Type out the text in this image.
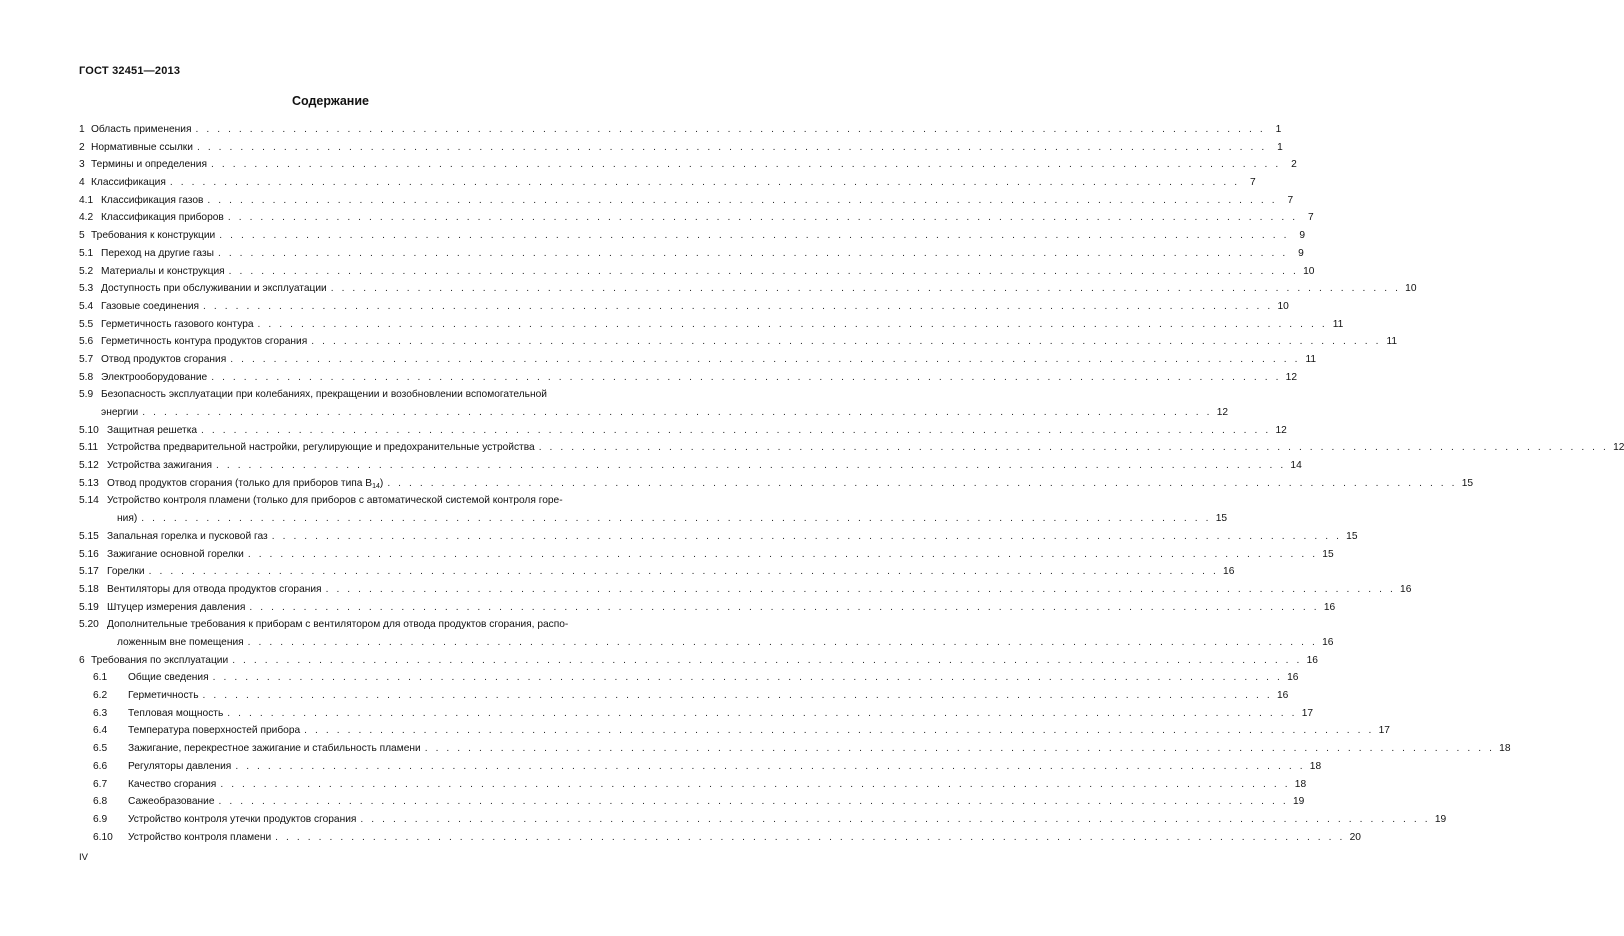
ГОСТ 32451—2013
Содержание
1 Область применения . . . . . . . . . . . . . . . . . . . . . . . . . . . . . . . . . . . . . . . . . . . . . . . . . . . . . . . . . . . . . . . . . . . . . . . . . . . . . . . . . . . . . . . . . . . . . . . . . . .	1
2 Нормативные ссылки . . . . . . . . . . . . . . . . . . . . . . . . . . . . . . . . . . . . . . . . . . . . . . . . . . . . . . . . . . . . . . . . . . . . . . . . . . . . . . . . . . . . . . . . . . . . . . . . . . .	1
3 Термины и определения . . . . . . . . . . . . . . . . . . . . . . . . . . . . . . . . . . . . . . . . . . . . . . . . . . . . . . . . . . . . . . . . . . . . . . . . . . . . . . . . . . . . . . . . . . . . . . . . . . .	2
4 Классификация . . . . . . . . . . . . . . . . . . . . . . . . . . . . . . . . . . . . . . . . . . . . . . . . . . . . . . . . . . . . . . . . . . . . . . . . . . . . . . . . . . . . . . . . . . . . . . . . . . .	7
4.1 Классификация газов . . . . . . . . . . . . . . . . . . . . . . . . . . . . . . . . . . . . . . . . . . . . . . . . . . . . . . . . . . . . . . . . . . . . . . . . . . . . . . . . . . . . . . . . . . . . . . . . . . .	7
4.2 Классификация приборов . . . . . . . . . . . . . . . . . . . . . . . . . . . . . . . . . . . . . . . . . . . . . . . . . . . . . . . . . . . . . . . . . . . . . . . . . . . . . . . . . . . . . . . . . . . . . . . . . . .	7
5 Требования к конструкции . . . . . . . . . . . . . . . . . . . . . . . . . . . . . . . . . . . . . . . . . . . . . . . . . . . . . . . . . . . . . . . . . . . . . . . . . . . . . . . . . . . . . . . . . . . . . . . . . . .	9
5.1 Переход на другие газы . . . . . . . . . . . . . . . . . . . . . . . . . . . . . . . . . . . . . . . . . . . . . . . . . . . . . . . . . . . . . . . . . . . . . . . . . . . . . . . . . . . . . . . . . . . . . . . . . . .	9
5.2 Материалы и конструкция . . . . . . . . . . . . . . . . . . . . . . . . . . . . . . . . . . . . . . . . . . . . . . . . . . . . . . . . . . . . . . . . . . . . . . . . . . . . . . . . . . . . . . . . . . . . . . . . . . . 10
5.3 Доступность при обслуживании и эксплуатации . . . . . . . . . . . . . . . . . . . . . . . . . . . . . . . . . . . . . . . . . . . . . . . . . . . . . . . . . . . . . . . . . . . . . . . . . . . . . . . . . . . . . . . . . . . . . . . . . . . 10
5.4 Газовые соединения . . . . . . . . . . . . . . . . . . . . . . . . . . . . . . . . . . . . . . . . . . . . . . . . . . . . . . . . . . . . . . . . . . . . . . . . . . . . . . . . . . . . . . . . . . . . . . . . . . . 10
5.5 Герметичность газового контура . . . . . . . . . . . . . . . . . . . . . . . . . . . . . . . . . . . . . . . . . . . . . . . . . . . . . . . . . . . . . . . . . . . . . . . . . . . . . . . . . . . . . . . . . . . . . . . . . . . 11
5.6 Герметичность контура продуктов сгорания . . . . . . . . . . . . . . . . . . . . . . . . . . . . . . . . . . . . . . . . . . . . . . . . . . . . . . . . . . . . . . . . . . . . . . . . . . . . . . . . . . . . . . . . . . . . . . . . . . . 11
5.7 Отвод продуктов сгорания . . . . . . . . . . . . . . . . . . . . . . . . . . . . . . . . . . . . . . . . . . . . . . . . . . . . . . . . . . . . . . . . . . . . . . . . . . . . . . . . . . . . . . . . . . . . . . . . . . . 11
5.8 Электрооборудование . . . . . . . . . . . . . . . . . . . . . . . . . . . . . . . . . . . . . . . . . . . . . . . . . . . . . . . . . . . . . . . . . . . . . . . . . . . . . . . . . . . . . . . . . . . . . . . . . . . 12
5.9 Безопасность эксплуатации при колебаниях, прекращении и возобновлении вспомогательной
энергии . . . . . . . . . . . . . . . . . . . . . . . . . . . . . . . . . . . . . . . . . . . . . . . . . . . . . . . . . . . . . . . . . . . . . . . . . . . . . . . . . . . . . . . . . . . . . . . . . . . 12
5.10 Защитная решетка . . . . . . . . . . . . . . . . . . . . . . . . . . . . . . . . . . . . . . . . . . . . . . . . . . . . . . . . . . . . . . . . . . . . . . . . . . . . . . . . . . . . . . . . . . . . . . . . . . . 12
5.11 Устройства предварительной настройки, регулирующие и предохранительные устройства . . . . . . . . . . . . . . . . . . . . . . . . . . . . . . . . . . . . . . . . . . . . . . . . . . . . . . . . . . . . . . . . . . . . . . . . . . . . . . . . . . . . . . . . . . . . . . . . . . . 12
5.12 Устройства зажигания . . . . . . . . . . . . . . . . . . . . . . . . . . . . . . . . . . . . . . . . . . . . . . . . . . . . . . . . . . . . . . . . . . . . . . . . . . . . . . . . . . . . . . . . . . . . . . . . . . . 14
5.13 Отвод продуктов сгорания (только для приборов типа $B_{14}$) . . . . . . . . . . . . . . . . . . . . . . . . . . . . . . . . . . . . . . . . . . . . . . . . . . . . . . . . . . . . . . . . . . . . . . . . . . . . . . . . . . . . . . . . . . . . . . . . . . . 15
5.14 Устройство контроля пламени (только для приборов с автоматической системой контроля горе-
ния) . . . . . . . . . . . . . . . . . . . . . . . . . . . . . . . . . . . . . . . . . . . . . . . . . . . . . . . . . . . . . . . . . . . . . . . . . . . . . . . . . . . . . . . . . . . . . . . . . . . 15
5.15 Запальная горелка и пусковой газ . . . . . . . . . . . . . . . . . . . . . . . . . . . . . . . . . . . . . . . . . . . . . . . . . . . . . . . . . . . . . . . . . . . . . . . . . . . . . . . . . . . . . . . . . . . . . . . . . . . 15
5.16 Зажигание основной горелки . . . . . . . . . . . . . . . . . . . . . . . . . . . . . . . . . . . . . . . . . . . . . . . . . . . . . . . . . . . . . . . . . . . . . . . . . . . . . . . . . . . . . . . . . . . . . . . . . . . 15
5.17 Горелки . . . . . . . . . . . . . . . . . . . . . . . . . . . . . . . . . . . . . . . . . . . . . . . . . . . . . . . . . . . . . . . . . . . . . . . . . . . . . . . . . . . . . . . . . . . . . . . . . . . 16
5.18 Вентиляторы для отвода продуктов сгорания . . . . . . . . . . . . . . . . . . . . . . . . . . . . . . . . . . . . . . . . . . . . . . . . . . . . . . . . . . . . . . . . . . . . . . . . . . . . . . . . . . . . . . . . . . . . . . . . . . . 16
5.19 Штуцер измерения давления . . . . . . . . . . . . . . . . . . . . . . . . . . . . . . . . . . . . . . . . . . . . . . . . . . . . . . . . . . . . . . . . . . . . . . . . . . . . . . . . . . . . . . . . . . . . . . . . . . . 16
5.20 Дополнительные требования к приборам с вентилятором для отвода продуктов сгорания, распо-
ложенным вне помещения . . . . . . . . . . . . . . . . . . . . . . . . . . . . . . . . . . . . . . . . . . . . . . . . . . . . . . . . . . . . . . . . . . . . . . . . . . . . . . . . . . . . . . . . . . . . . . . . . . . 16
6 Требования по эксплуатации . . . . . . . . . . . . . . . . . . . . . . . . . . . . . . . . . . . . . . . . . . . . . . . . . . . . . . . . . . . . . . . . . . . . . . . . . . . . . . . . . . . . . . . . . . . . . . . . . . . 16
6.1	Общие сведения . . . . . . . . . . . . . . . . . . . . . . . . . . . . . . . . . . . . . . . . . . . . . . . . . . . . . . . . . . . . . . . . . . . . . . . . . . . . . . . . . . . . . . . . . . . . . . . . . . . 16
6.2	Герметичность . . . . . . . . . . . . . . . . . . . . . . . . . . . . . . . . . . . . . . . . . . . . . . . . . . . . . . . . . . . . . . . . . . . . . . . . . . . . . . . . . . . . . . . . . . . . . . . . . . . 16
6.3	Тепловая мощность . . . . . . . . . . . . . . . . . . . . . . . . . . . . . . . . . . . . . . . . . . . . . . . . . . . . . . . . . . . . . . . . . . . . . . . . . . . . . . . . . . . . . . . . . . . . . . . . . . . 17
6.4	Температура поверхностей прибора . . . . . . . . . . . . . . . . . . . . . . . . . . . . . . . . . . . . . . . . . . . . . . . . . . . . . . . . . . . . . . . . . . . . . . . . . . . . . . . . . . . . . . . . . . . . . . . . . . . 17
6.5	Зажигание, перекрестное зажигание и стабильность пламени . . . . . . . . . . . . . . . . . . . . . . . . . . . . . . . . . . . . . . . . . . . . . . . . . . . . . . . . . . . . . . . . . . . . . . . . . . . . . . . . . . . . . . . . . . . . . . . . . . . 18
6.6	Регуляторы давления . . . . . . . . . . . . . . . . . . . . . . . . . . . . . . . . . . . . . . . . . . . . . . . . . . . . . . . . . . . . . . . . . . . . . . . . . . . . . . . . . . . . . . . . . . . . . . . . . . . 18
6.7	Качество сгорания . . . . . . . . . . . . . . . . . . . . . . . . . . . . . . . . . . . . . . . . . . . . . . . . . . . . . . . . . . . . . . . . . . . . . . . . . . . . . . . . . . . . . . . . . . . . . . . . . . . 18
6.8	Сажеобразование . . . . . . . . . . . . . . . . . . . . . . . . . . . . . . . . . . . . . . . . . . . . . . . . . . . . . . . . . . . . . . . . . . . . . . . . . . . . . . . . . . . . . . . . . . . . . . . . . . . 19
6.9	Устройство контроля утечки продуктов сгорания . . . . . . . . . . . . . . . . . . . . . . . . . . . . . . . . . . . . . . . . . . . . . . . . . . . . . . . . . . . . . . . . . . . . . . . . . . . . . . . . . . . . . . . . . . . . . . . . . . . 19
6.10	Устройство контроля пламени . . . . . . . . . . . . . . . . . . . . . . . . . . . . . . . . . . . . . . . . . . . . . . . . . . . . . . . . . . . . . . . . . . . . . . . . . . . . . . . . . . . . . . . . . . . . . . . . . . . 20
IV
